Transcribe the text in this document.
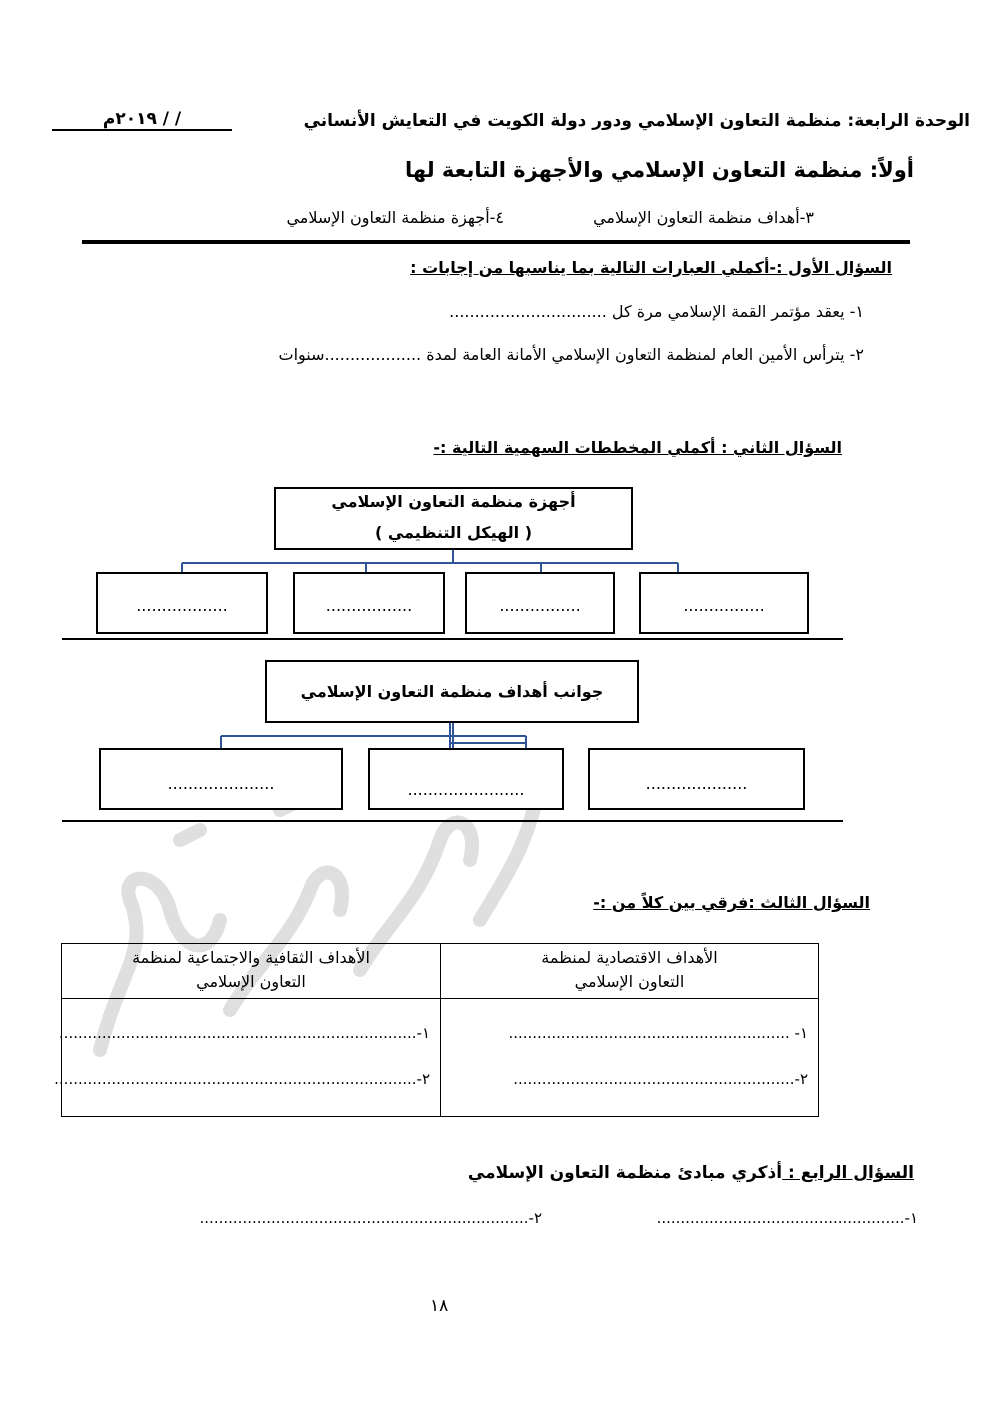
الوحدة الرابعة: منظمة التعاون الإسلامي ودور دولة الكويت في التعايش الأنساني
/ / ٢٠١٩م
أولاً: منظمة التعاون الإسلامي والأجهزة التابعة لها
٣-أهداف منظمة التعاون الإسلامي
٤-أجهزة منظمة التعاون الإسلامي
السؤال الأول :-أكملي العبارات التالية بما يناسبها من إجابات :
١- يعقد مؤتمر القمة الإسلامي مرة كل ...............................
٢- يترأس الأمين العام لمنظمة التعاون الإسلامي الأمانة العامة لمدة ...................سنوات
السؤال الثاني : أكملي المخططات السهمية التالية :-
أجهزة منظمة التعاون الإسلامي
( الهيكل التنظيمي )
................
................
.................
..................
جوانب أهداف منظمة التعاون الإسلامي
....................
.......................
.....................
السؤال الثالث :فرقي بين كلاً من :-
الأهداف الاقتصادية لمنظمة
التعاون الإسلامي
الأهداف الثقافية والاجتماعية لمنظمة
التعاون الإسلامي
١- ...........................................................
٢-...........................................................
١-...........................................................................
٢-............................................................................
السؤال الرابع : أذكري مبادئ منظمة التعاون الإسلامي
١-....................................................
٢-.....................................................................
١٨
